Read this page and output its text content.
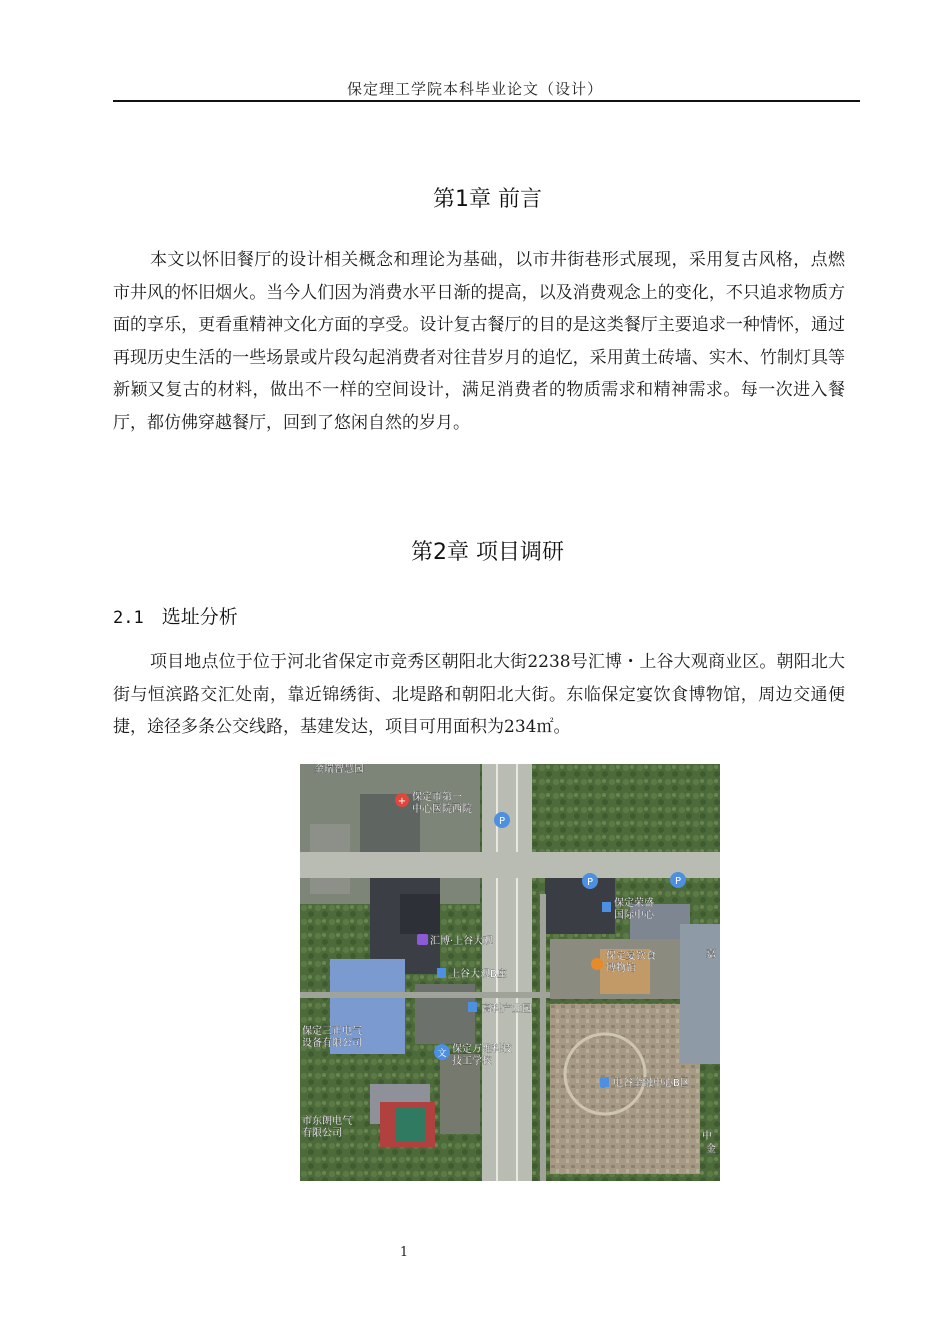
保定理工学院本科毕业论文（设计）
第1章 前言

本文以怀旧餐厅的设计相关概念和理论为基础，以市井街巷形式展现，采用复古风格，点燃市井风的怀旧烟火。当今人们因为消费水平日渐的提高，以及消费观念上的变化，不只追求物质方面的享乐，更看重精神文化方面的享受。设计复古餐厅的目的是这类餐厅主要追求一种情怀，通过再现历史生活的一些场景或片段勾起消费者对往昔岁月的追忆，采用黄土砖墙、实木、竹制灯具等新颖又复古的材料，做出不一样的空间设计，满足消费者的物质需求和精神需求。每一次进入餐厅，都仿佛穿越餐厅，回到了悠闲自然的岁月。

第2章 项目调研
2.1 选址分析

项目地点位于位于河北省保定市竞秀区朝阳北大街2238号汇博・上谷大观商业区。朝阳北大街与恒滨路交汇处南，靠近锦绣街、北堤路和朝阳北大街。东临保定宴饮食博物馆，周边交通便捷，途径多条公交线路，基建发达，项目可用面积为234㎡。

+
P
P	P
文
金瑞智慧园
保定市第一
中心医院西院
保定荣盛
国际中心
汇博·上谷大观
上谷大观B座
保定宴饮食
博物馆
高科产业园
保定三正电气
设备有限公司
保定万维科技
技工学校
电谷金融中心B区
市东朗电气
有限公司
嘉
中
金
1
